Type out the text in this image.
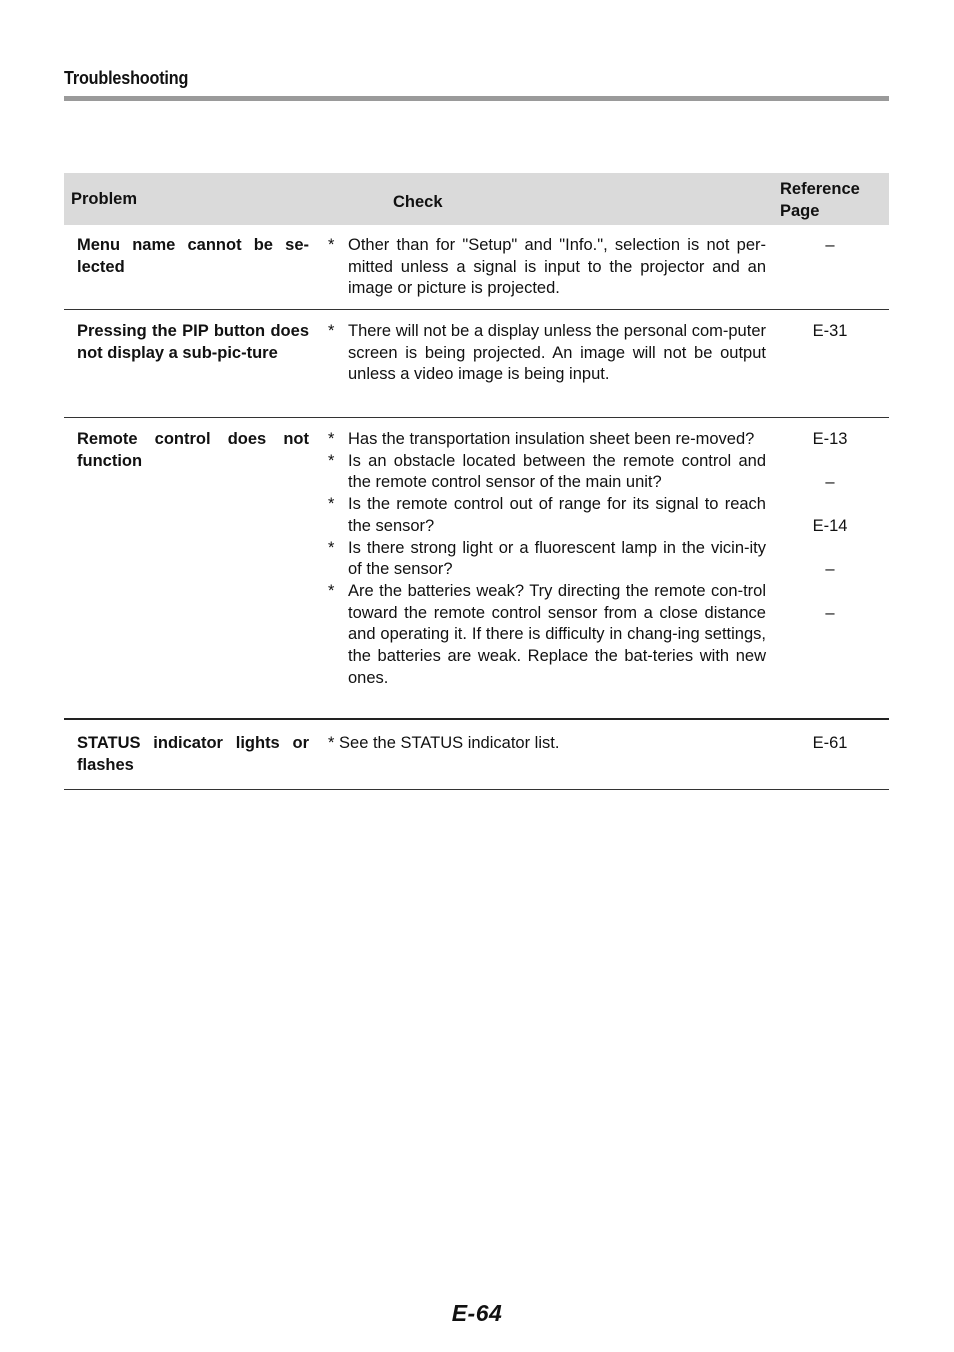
Troubleshooting
Problem	Check
Reference
Page
Menu name cannot be se-lected
* Other than for "Setup" and "Info.", selection is not per-mitted unless a signal is input to the projector and an image or picture is projected.
–
Pressing the PIP button does not display a sub-pic-ture
* There will not be a display unless the personal com-puter screen is being projected. An image will not be output unless a video image is being input.
E-31
Remote control does not function
* Has the transportation insulation sheet been re-moved?
* Is an obstacle located between the remote control and the remote control sensor of the main unit?
* Is the remote control out of range for its signal to reach the sensor?
* Is there strong light or a fluorescent lamp in the vicin-ity of the sensor?
* Are the batteries weak? Try directing the remote con-trol toward the remote control sensor from a close distance and operating it. If there is difficulty in chang-ing settings, the batteries are weak. Replace the bat-teries with new ones.
E-13
–
E-14
–
–
STATUS indicator lights or flashes
* See the STATUS indicator list.	E-61
E-64
